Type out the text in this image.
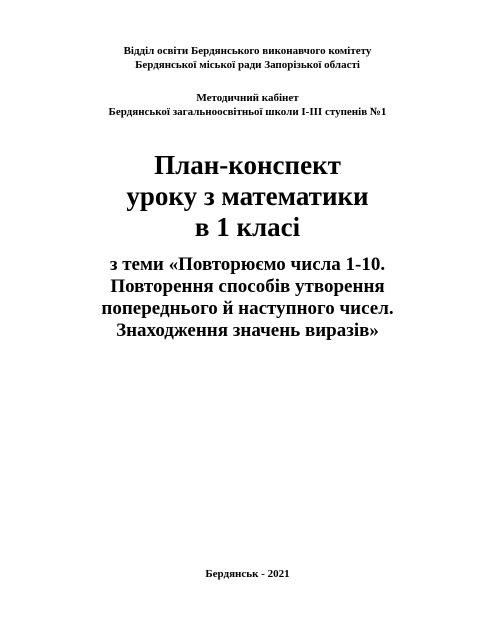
Відділ освіти Бердянського виконавчого комітету
Бердянської міської ради Запорізької області
Методичний кабінет
Бердянської загальноосвітньої школи І-ІІІ ступенів №1
План-конспект
уроку з математики
в 1 класі
з теми «Повторюємо числа 1-10.
Повторення способів утворення
попереднього й наступного чисел.
Знаходження значень виразів»
Бердянськ - 2021
